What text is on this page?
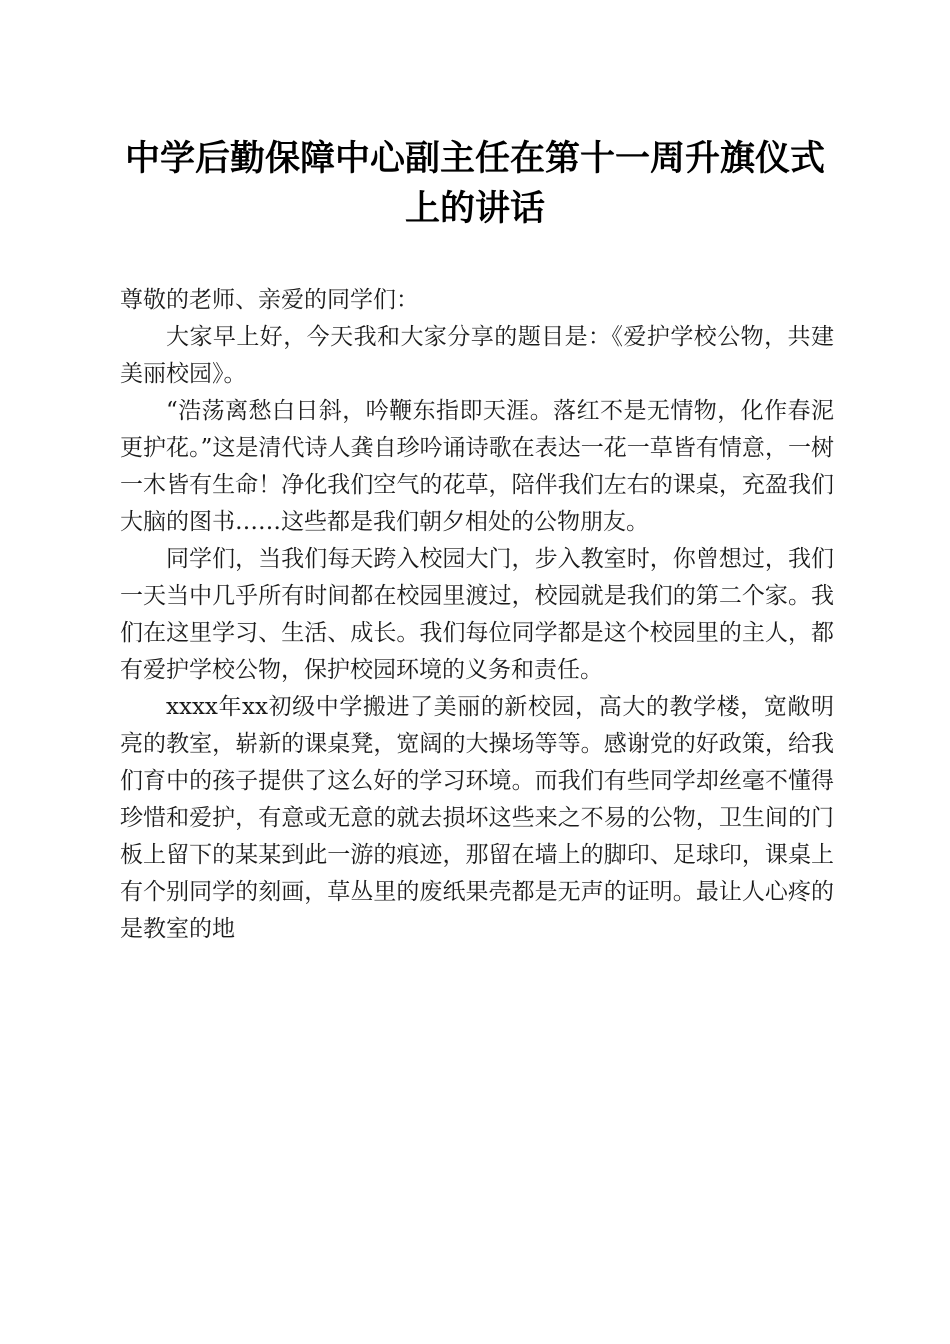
中学后勤保障中心副主任在第十一周升旗仪式
上的讲话

尊敬的老师、亲爱的同学们：

大家早上好，今天我和大家分享的题目是：《爱护学校公物，共建美丽校园》。

“浩荡离愁白日斜，吟鞭东指即天涯。落红不是无情物，化作春泥更护花。”这是清代诗人龚自珍吟诵诗歌在表达一花一草皆有情意，一树一木皆有生命！净化我们空气的花草，陪伴我们左右的课桌，充盈我们大脑的图书……这些都是我们朝夕相处的公物朋友。

同学们，当我们每天跨入校园大门，步入教室时，你曾想过，我们一天当中几乎所有时间都在校园里渡过，校园就是我们的第二个家。我们在这里学习、生活、成长。我们每位同学都是这个校园里的主人，都有爱护学校公物，保护校园环境的义务和责任。

xxxx年xx初级中学搬进了美丽的新校园，高大的教学楼，宽敞明亮的教室，崭新的课桌凳，宽阔的大操场等等。感谢党的好政策，给我们育中的孩子提供了这么好的学习环境。而我们有些同学却丝毫不懂得珍惜和爱护，有意或无意的就去损坏这些来之不易的公物，卫生间的门板上留下的某某到此一游的痕迹，那留在墙上的脚印、足球印，课桌上有个别同学的刻画，草丛里的废纸果壳都是无声的证明。最让人心疼的是教室的地
